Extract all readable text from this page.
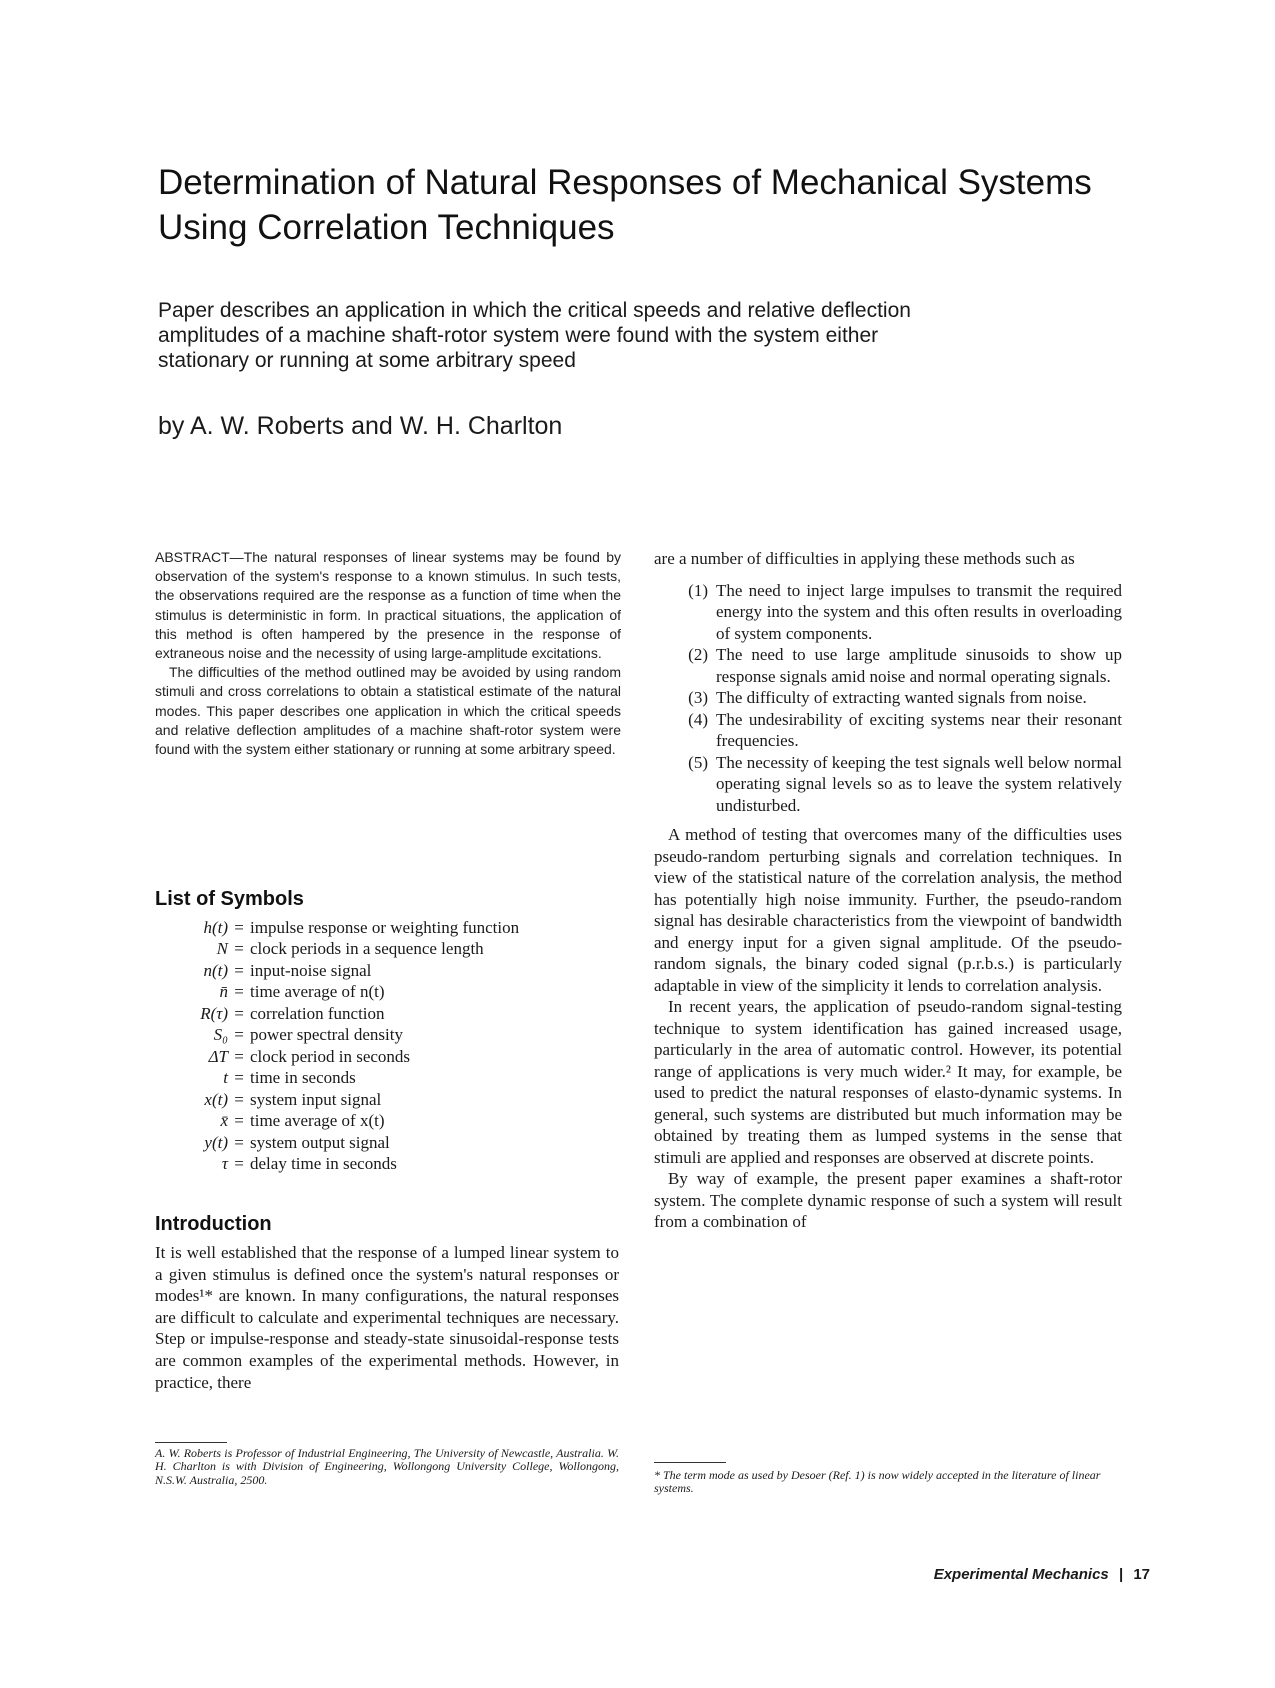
Determination of Natural Responses of Mechanical Systems Using Correlation Techniques
Paper describes an application in which the critical speeds and relative deflection amplitudes of a machine shaft-rotor system were found with the system either stationary or running at some arbitrary speed
by A. W. Roberts and W. H. Charlton

ABSTRACT—The natural responses of linear systems may be found by observation of the system's response to a known stimulus. In such tests, the observations required are the response as a function of time when the stimulus is deterministic in form. In practical situations, the application of this method is often hampered by the presence in the response of extraneous noise and the necessity of using large-amplitude excitations.

The difficulties of the method outlined may be avoided by using random stimuli and cross correlations to obtain a statistical estimate of the natural modes. This paper describes one application in which the critical speeds and relative deflection amplitudes of a machine shaft-rotor system were found with the system either stationary or running at some arbitrary speed.

List of Symbols
h(t) = impulse response or weighting function
N = clock periods in a sequence length
n(t) = input-noise signal
n̄ = time average of n(t)
R(τ) = correlation function
S₀ = power spectral density
ΔT = clock period in seconds
t = time in seconds
x(t) = system input signal
x̄ = time average of x(t)
y(t) = system output signal
τ = delay time in seconds
Introduction

It is well established that the response of a lumped linear system to a given stimulus is defined once the system's natural responses or modes¹* are known. In many configurations, the natural responses are difficult to calculate and experimental techniques are necessary. Step or impulse-response and steady-state sinusoidal-response tests are common examples of the experimental methods. However, in practice, there

are a number of difficulties in applying these methods such as

(1) The need to inject large impulses to transmit the required energy into the system and this often results in overloading of system components.
(2) The need to use large amplitude sinusoids to show up response signals amid noise and normal operating signals.
(3) The difficulty of extracting wanted signals from noise.
(4) The undesirability of exciting systems near their resonant frequencies.
(5) The necessity of keeping the test signals well below normal operating signal levels so as to leave the system relatively undisturbed.

A method of testing that overcomes many of the difficulties uses pseudo-random perturbing signals and correlation techniques. In view of the statistical nature of the correlation analysis, the method has potentially high noise immunity. Further, the pseudo-random signal has desirable characteristics from the viewpoint of bandwidth and energy input for a given signal amplitude. Of the pseudo-random signals, the binary coded signal (p.r.b.s.) is particularly adaptable in view of the simplicity it lends to correlation analysis.

In recent years, the application of pseudo-random signal-testing technique to system identification has gained increased usage, particularly in the area of automatic control. However, its potential range of applications is very much wider.² It may, for example, be used to predict the natural responses of elasto-dynamic systems. In general, such systems are distributed but much information may be obtained by treating them as lumped systems in the sense that stimuli are applied and responses are observed at discrete points.

By way of example, the present paper examines a shaft-rotor system. The complete dynamic response of such a system will result from a combination of

A. W. Roberts is Professor of Industrial Engineering, The University of Newcastle, Australia. W. H. Charlton is with Division of Engineering, Wollongong University College, Wollongong, N.S.W. Australia, 2500.	* The term mode as used by Desoer (Ref. 1) is now widely accepted in the literature of linear systems.
Experimental Mechanics | 17
